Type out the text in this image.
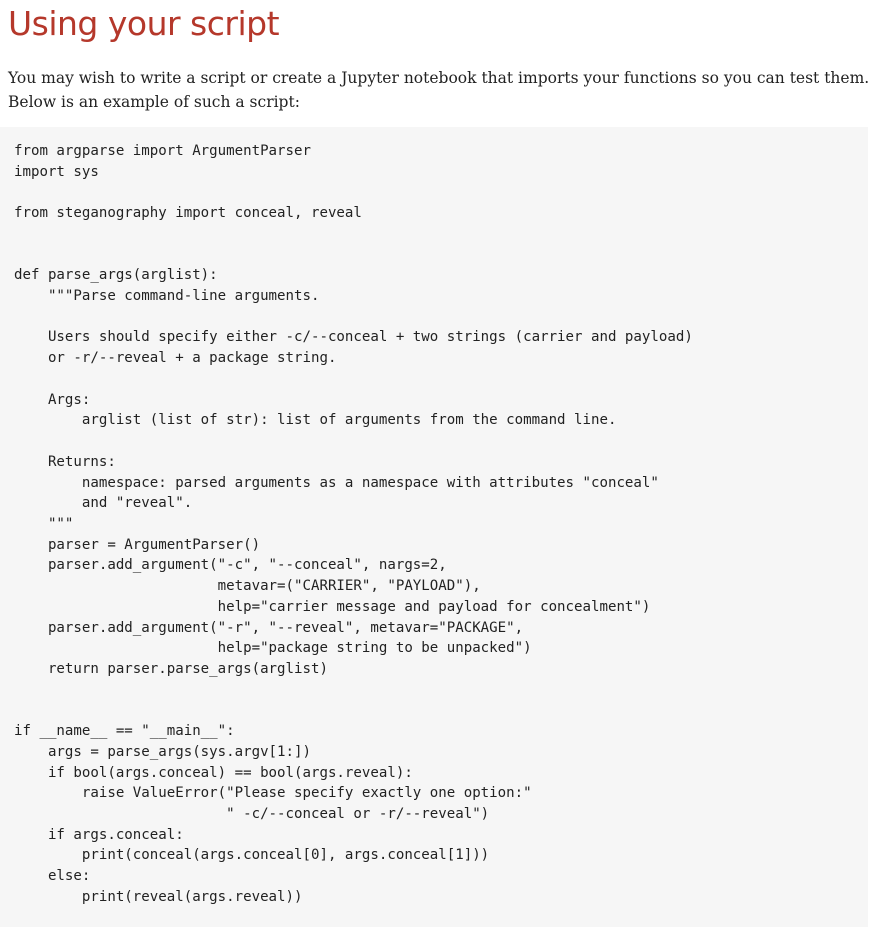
Using your script

You may wish to write a script or create a Jupyter notebook that imports your functions so you can test them. Below is an example of such a script:

from argparse import ArgumentParser
import sys

from steganography import conceal, reveal

def parse_args(arglist):
"""Parse command-line arguments.

Users should specify either -c/--conceal + two strings (carrier and payload)
or -r/--reveal + a package string.

Args:
arglist (list of str): list of arguments from the command line.

Returns:
namespace: parsed arguments as a namespace with attributes "conceal"
and "reveal".
"""
parser = ArgumentParser()
parser.add_argument("-c", "--conceal", nargs=2,
metavar=("CARRIER", "PAYLOAD"),
help="carrier message and payload for concealment")
parser.add_argument("-r", "--reveal", metavar="PACKAGE",
help="package string to be unpacked")
return parser.parse_args(arglist)

if __name__ == "__main__":
args = parse_args(sys.argv[1:])
if bool(args.conceal) == bool(args.reveal):
raise ValueError("Please specify exactly one option:"
" -c/--conceal or -r/--reveal")
if args.conceal:
print(conceal(args.conceal[0], args.conceal[1]))
else:
print(reveal(args.reveal))
